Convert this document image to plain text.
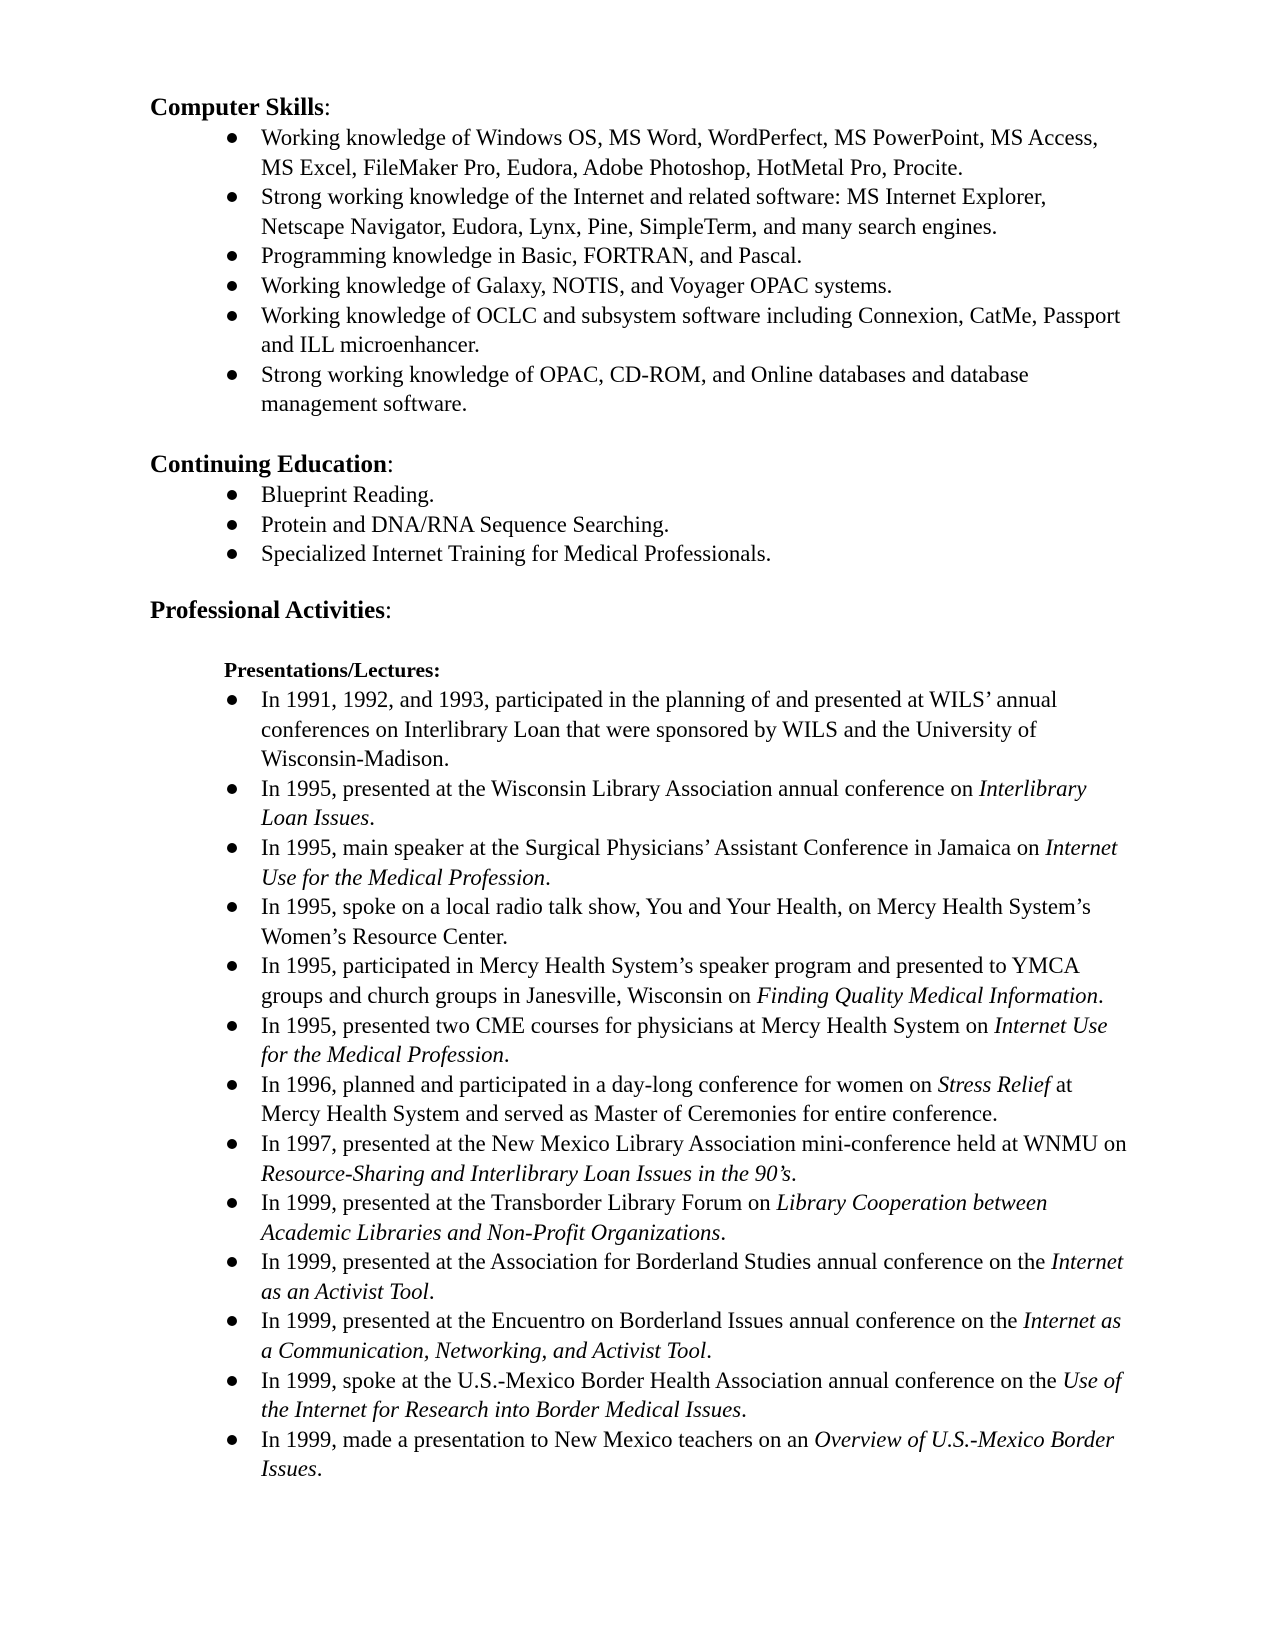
Computer Skills:
Working knowledge of Windows OS, MS Word, WordPerfect, MS PowerPoint, MS Access, MS Excel, FileMaker Pro, Eudora, Adobe Photoshop, HotMetal Pro, Procite.
Strong working knowledge of the Internet and related software: MS Internet Explorer, Netscape Navigator, Eudora, Lynx, Pine, SimpleTerm, and many search engines.
Programming knowledge in Basic, FORTRAN, and Pascal.
Working knowledge of Galaxy, NOTIS, and Voyager OPAC systems.
Working knowledge of OCLC and subsystem software including Connexion, CatMe, Passport and ILL microenhancer.
Strong working knowledge of OPAC, CD-ROM, and Online databases and database management software.
Continuing Education:
Blueprint Reading.
Protein and DNA/RNA Sequence Searching.
Specialized Internet Training for Medical Professionals.
Professional Activities:
Presentations/Lectures:
In 1991, 1992, and 1993, participated in the planning of and presented at WILS’ annual conferences on Interlibrary Loan that were sponsored by WILS and the University of Wisconsin-Madison.
In 1995, presented at the Wisconsin Library Association annual conference on Interlibrary Loan Issues.
In 1995, main speaker at the Surgical Physicians’ Assistant Conference in Jamaica on Internet Use for the Medical Profession.
In 1995, spoke on a local radio talk show, You and Your Health, on Mercy Health System’s Women’s Resource Center.
In 1995, participated in Mercy Health System’s speaker program and presented to YMCA groups and church groups in Janesville, Wisconsin on Finding Quality Medical Information.
In 1995, presented two CME courses for physicians at Mercy Health System on Internet Use for the Medical Profession.
In 1996, planned and participated in a day-long conference for women on Stress Relief at Mercy Health System and served as Master of Ceremonies for entire conference.
In 1997, presented at the New Mexico Library Association mini-conference held at WNMU on Resource-Sharing and Interlibrary Loan Issues in the 90’s.
In 1999, presented at the Transborder Library Forum on Library Cooperation between Academic Libraries and Non-Profit Organizations.
In 1999, presented at the Association for Borderland Studies annual conference on the Internet as an Activist Tool.
In 1999, presented at the Encuentro on Borderland Issues annual conference on the Internet as a Communication, Networking, and Activist Tool.
In 1999, spoke at the U.S.-Mexico Border Health Association annual conference on the Use of the Internet for Research into Border Medical Issues.
In 1999, made a presentation to New Mexico teachers on an Overview of U.S.-Mexico Border Issues.
